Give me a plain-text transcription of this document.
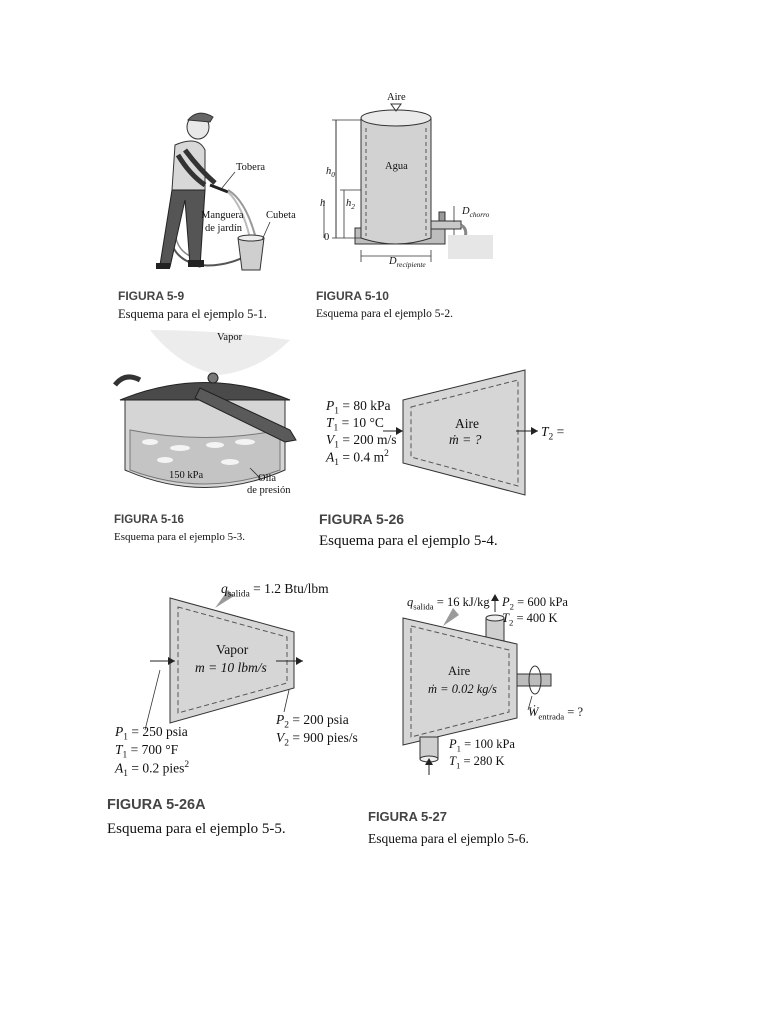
Tobera
Manguera
de jardín
Cubeta
FIGURA 5-9
Esquema para el ejemplo 5-1.
Aire
Agua
$h_0$
$h_2$
h
0
$D_{chorro}$
$D_{recipiente}$
FIGURA 5-10
Esquema para el ejemplo 5-2.
Vapor
150 kPa	Olla
de presión
FIGURA 5-16
Esquema para el ejemplo 5-3.
$P_1 = 80$ kPa
$T_1 = 10$ °C
$V_1 = 200$ m/s
$A_1 = 0.4$ $m^2$
Aire
ṁ = ?
$T_2$ =
FIGURA 5-26
Esquema para el ejemplo 5-4.
$q_{salida} = 1.2$ Btu/lbm
Vapor
m = 10 lbm/s
$P_1 = 250$ psia
$T_1 = 700$ °F
$A_1 = 0.2$ pies$^2$
$P_2 = 200$ psia
$V_2 = 900$ pies/s
FIGURA 5-26A
Esquema para el ejemplo 5-5.
$q_{salida} = 16$ kJ/kg $P_2 = 600$ kPa
$T_2 = 400$ K
Aire
ṁ = 0.02 kg/s
Ẇ$_{entrada}$ = ?
$P_1 = 100$ kPa
$T_1 = 280$ K
FIGURA 5-27
Esquema para el ejemplo 5-6.
